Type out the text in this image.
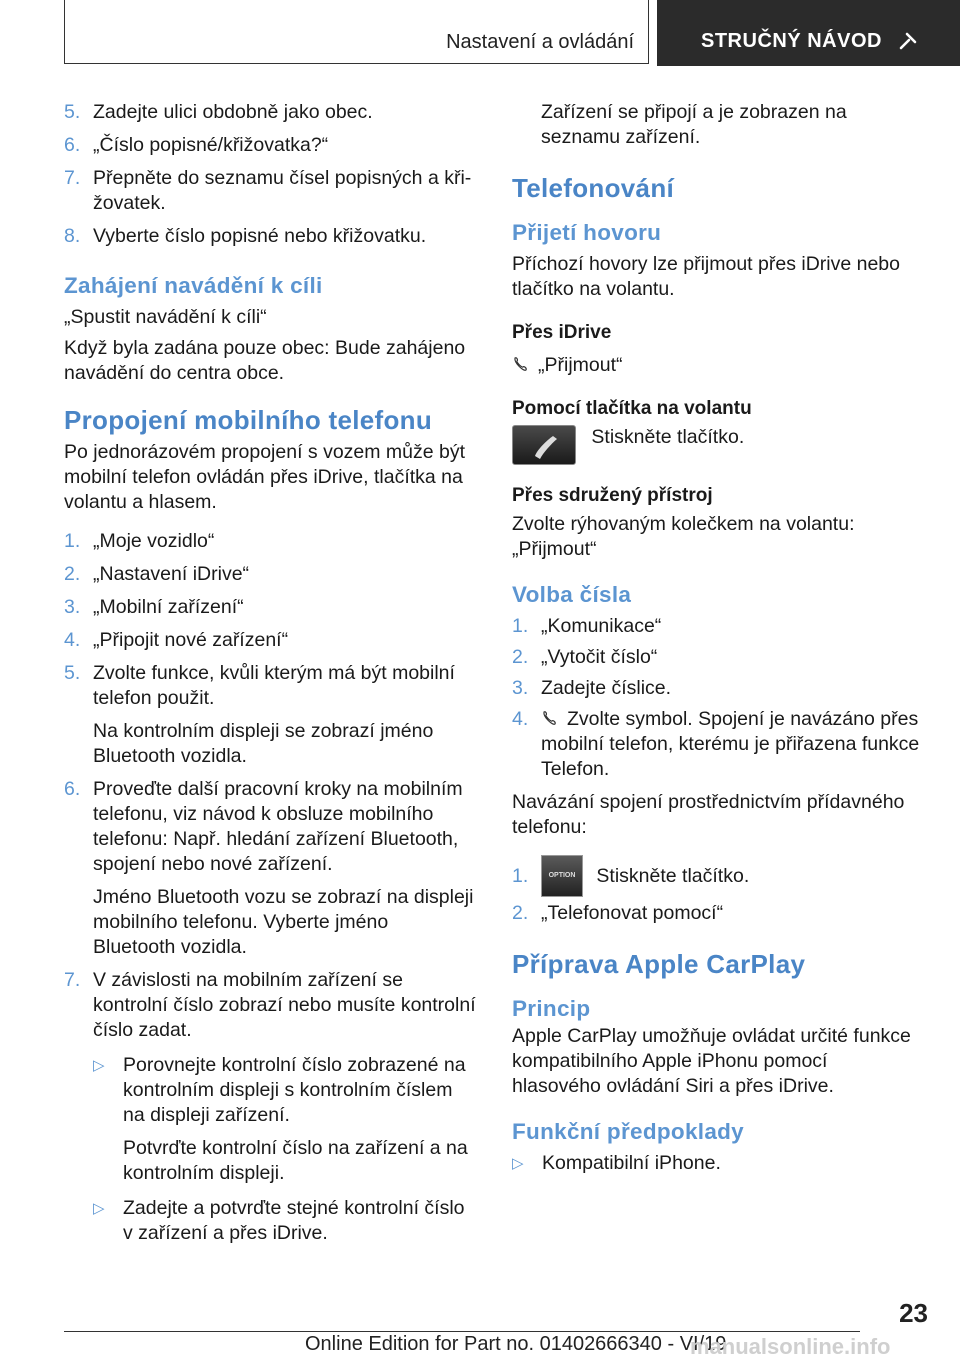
Nastavení a ovládání	STRUČNÝ NÁVOD
5. Zadejte ulici obdobně jako obec.
6. „Číslo popisné/křižovatka?“
7. Přepněte do seznamu čísel popisných a křižovatek.
8. Vyberte číslo popisné nebo křižovatku.
Zahájení navádění k cíli

„Spustit navádění k cíli“

Když byla zadána pouze obec: Bude zahájeno navádění do centra obce.

Propojení mobilního telefonu

Po jednorázovém propojení s vozem může být mobilní telefon ovládán přes iDrive, tlačítka na volantu a hlasem.

1. „Moje vozidlo“
2. „Nastavení iDrive“
3. „Mobilní zařízení“
4. „Připojit nové zařízení“
5. Zvolte funkce, kvůli kterým má být mobilní telefon použit.
Na kontrolním displeji se zobrazí jméno Bluetooth vozidla.
6. Proveďte další pracovní kroky na mobilním telefonu, viz návod k obsluze mobilního telefonu: Např. hledání zařízení Bluetooth, spojení nebo nové zařízení.
Jméno Bluetooth vozu se zobrazí na displeji mobilního telefonu. Vyberte jméno Bluetooth vozidla.
7. V závislosti na mobilním zařízení se kontrolní číslo zobrazí nebo musíte kontrolní číslo zadat.
▷ Porovnejte kontrolní číslo zobrazené na kontrolním displeji s kontrolním číslem na displeji zařízení.
Potvrďte kontrolní číslo na zařízení a na kontrolním displeji.
▷ Zadejte a potvrďte stejné kontrolní číslo v zařízení a přes iDrive.
Zařízení se připojí a je zobrazen na seznamu zařízení.
Telefonování
Přijetí hovoru

Příchozí hovory lze přijmout přes iDrive nebo tlačítko na volantu.

Přes iDrive

„Přijmout“

Pomocí tlačítka na volantu

Stiskněte tlačítko.

Přes sdružený přístroj

Zvolte rýhovaným kolečkem na volantu:

„Přijmout“

Volba čísla
1. „Komunikace“
2. „Vytočit číslo“
3. Zadejte číslice.
4. Zvolte symbol. Spojení je navázáno přes mobilní telefon, kterému je přiřazena funkce Telefon.

Navázání spojení prostřednictvím přídavného telefonu:

1.	OPTION Stiskněte tlačítko.
2. „Telefonovat pomocí“
Příprava Apple CarPlay
Princip

Apple CarPlay umožňuje ovládat určité funkce kompatibilního Apple iPhonu pomocí hlasového ovládání Siri a přes iDrive.

Funkční předpoklady
▷ Kompatibilní iPhone.
23
Online Edition for Part no. 01402666340 - VI/19
manualsonline.info
